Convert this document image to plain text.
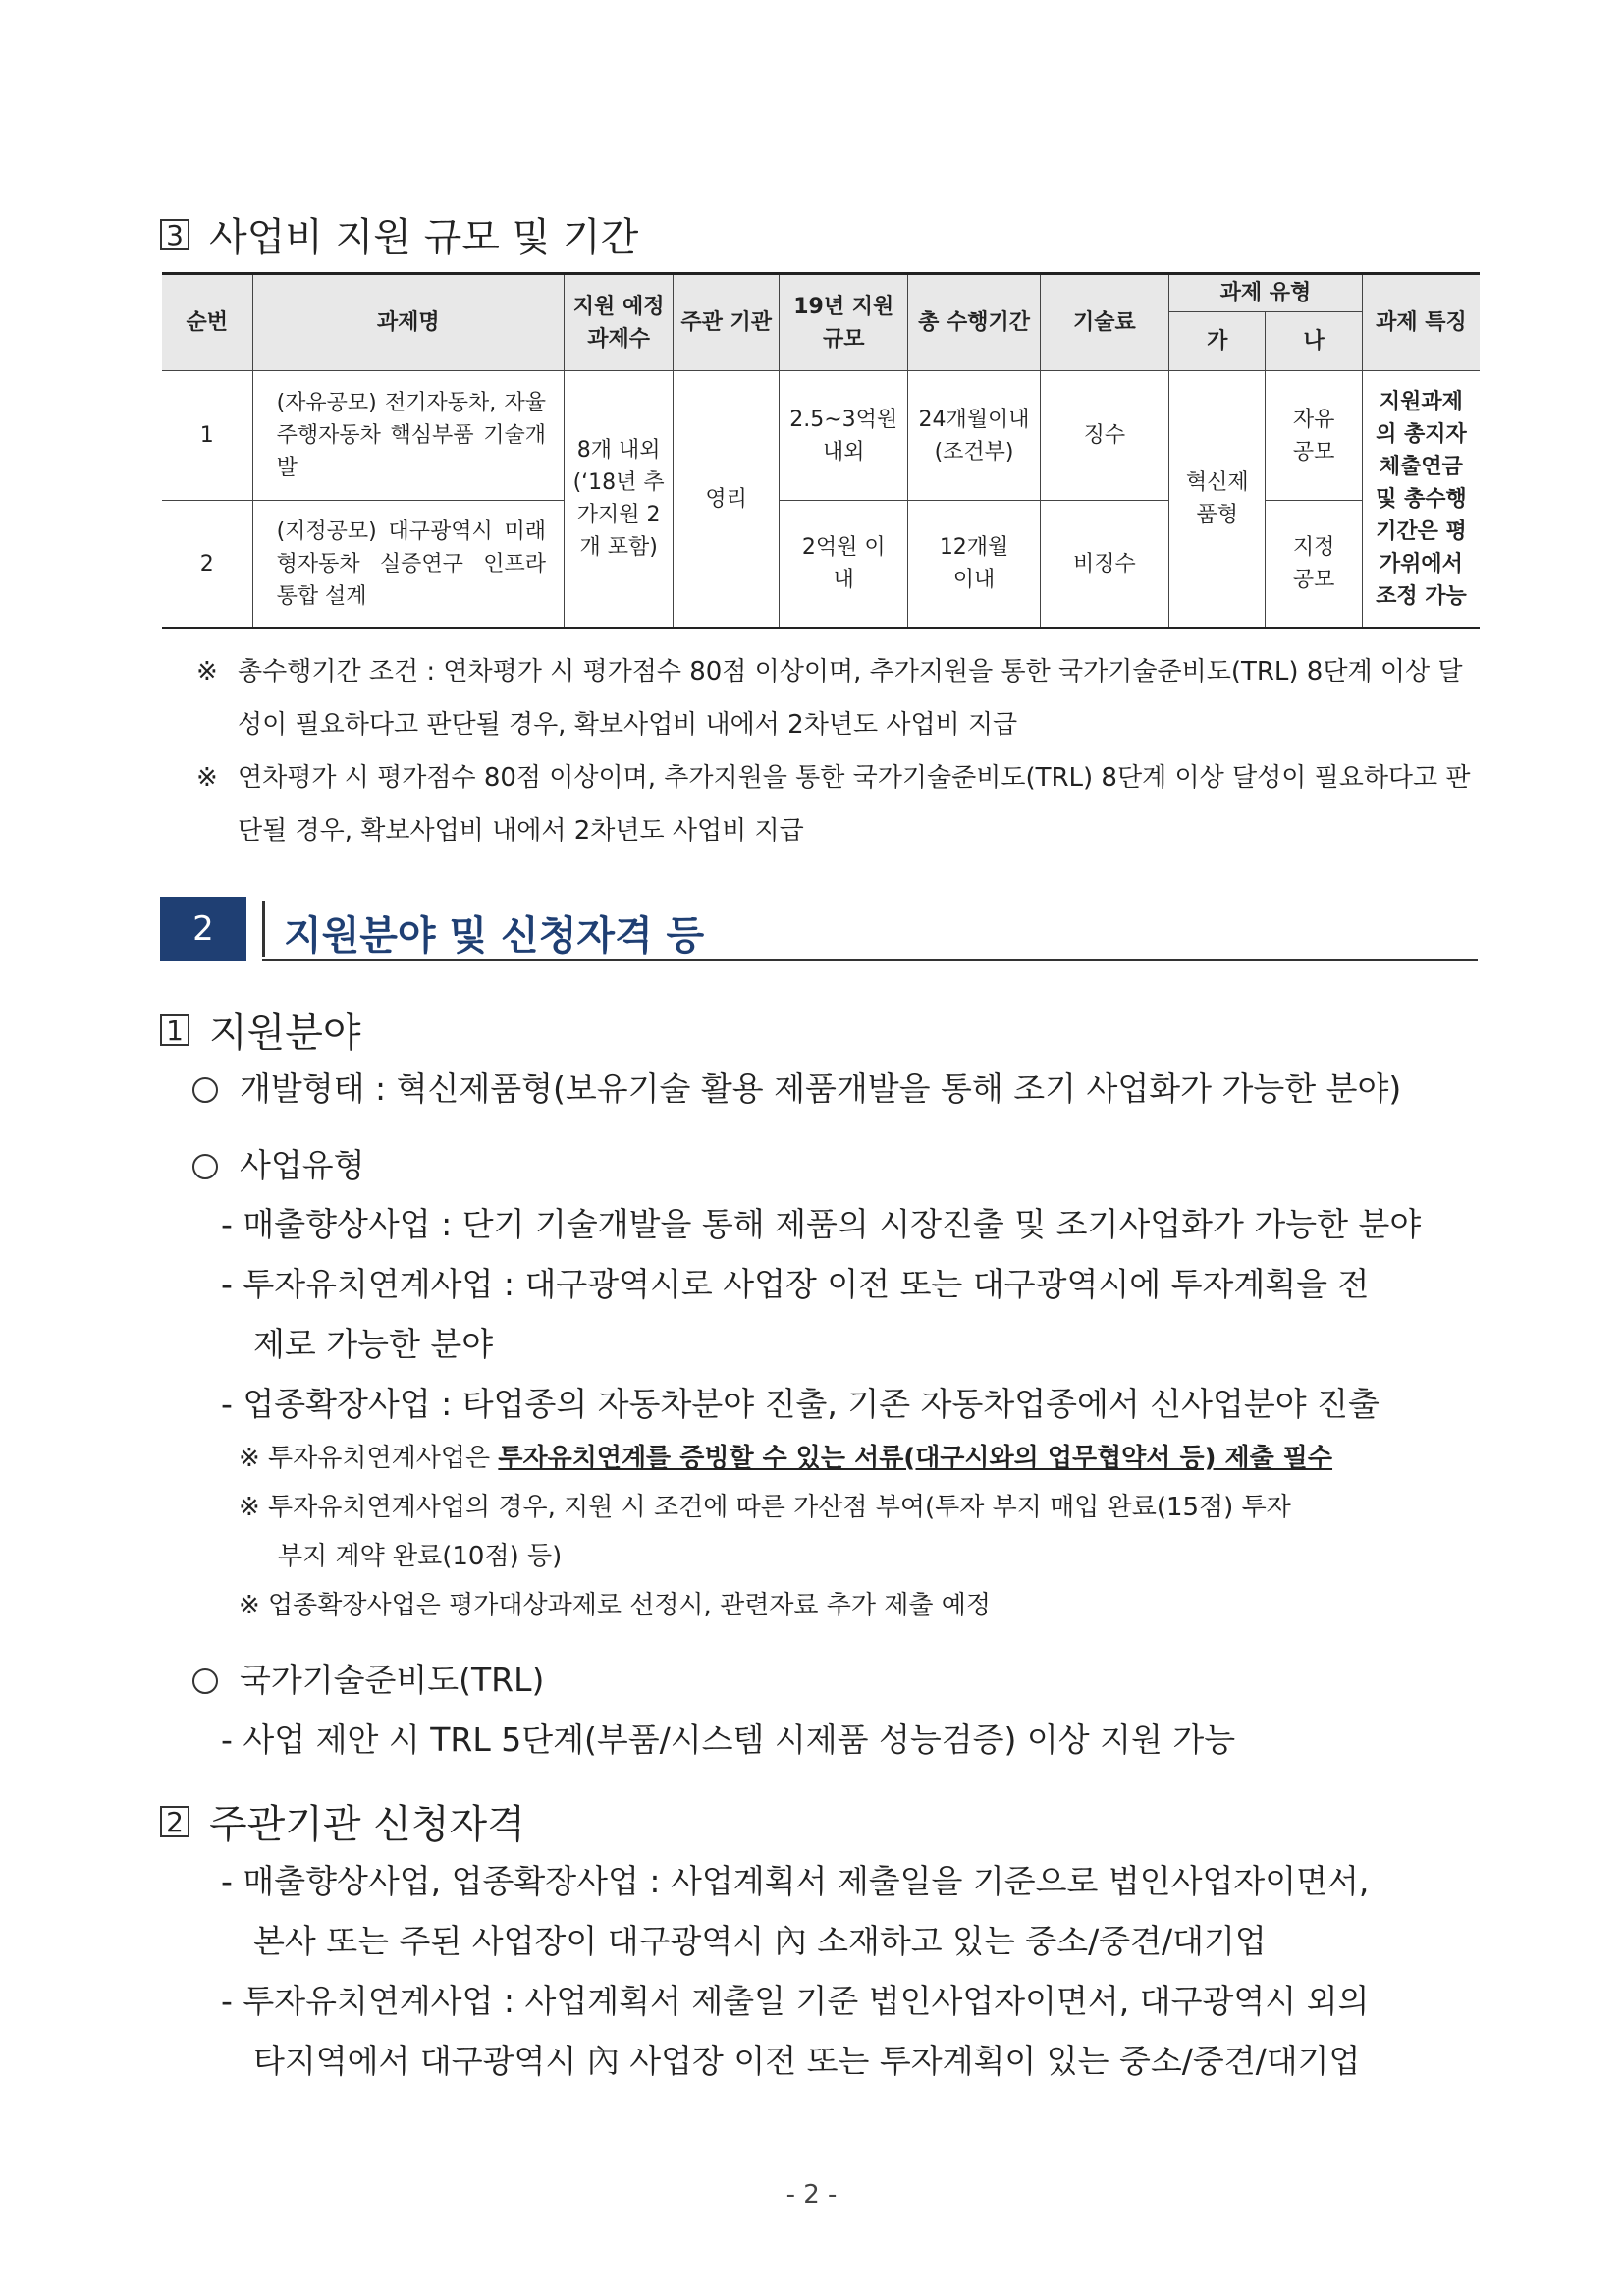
3 사업비 지원 규모 및 기간
순번	과제명	지원 예정 과제수	주관 기관	19년 지원규모	총 수행기간	기술료	과제 유형		과제 특징
							가	나	
1	(자유공모) 전기자동차, 자율주행자동차 핵심부품 기술개발	8개 내외 (‘18년 추가지원 2개 포함)	영리	2.5~3억원 내외	24개월이내 (조건부)	징수	혁신제품형	자유공모	지원과제의 총지자체출연금 및 총수행기간은 평가위에서 조정 가능
2	(지정공모) 대구광역시 미래형자동차 실증연구 인프라 통합 설계			2억원 이내	12개월이내	비징수		지정공모	
※ 총수행기간 조건 : 연차평가 시 평가점수 80점 이상이며, 추가지원을 통한 국가기술준비도(TRL) 8단계 이상 달성이 필요하다고 판단될 경우, 확보사업비 내에서 2차년도 사업비 지급
※ 연차평가 시 평가점수 80점 이상이며, 추가지원을 통한 국가기술준비도(TRL) 8단계 이상 달성이 필요하다고 판단될 경우, 확보사업비 내에서 2차년도 사업비 지급
2	지원분야 및 신청자격 등
1 지원분야
개발형태 : 혁신제품형(보유기술 활용 제품개발을 통해 조기 사업화가 가능한 분야)
사업유형
- 매출향상사업 : 단기 기술개발을 통해 제품의 시장진출 및 조기사업화가 가능한 분야
- 투자유치연계사업 : 대구광역시로 사업장 이전 또는 대구광역시에 투자계획을 전
제로 가능한 분야
- 업종확장사업 : 타업종의 자동차분야 진출, 기존 자동차업종에서 신사업분야 진출
※ 투자유치연계사업은 투자유치연계를 증빙할 수 있는 서류(대구시와의 업무협약서 등) 제출 필수
※ 투자유치연계사업의 경우, 지원 시 조건에 따른 가산점 부여(투자 부지 매입 완료(15점) 투자
부지 계약 완료(10점) 등)
※ 업종확장사업은 평가대상과제로 선정시, 관련자료 추가 제출 예정
국가기술준비도(TRL)
- 사업 제안 시 TRL 5단계(부품/시스템 시제품 성능검증) 이상 지원 가능
2 주관기관 신청자격
- 매출향상사업, 업종확장사업 : 사업계획서 제출일을 기준으로 법인사업자이면서,
본사 또는 주된 사업장이 대구광역시 內 소재하고 있는 중소/중견/대기업
- 투자유치연계사업 : 사업계획서 제출일 기준 법인사업자이면서, 대구광역시 외의
타지역에서 대구광역시 內 사업장 이전 또는 투자계획이 있는 중소/중견/대기업
- 2 -
